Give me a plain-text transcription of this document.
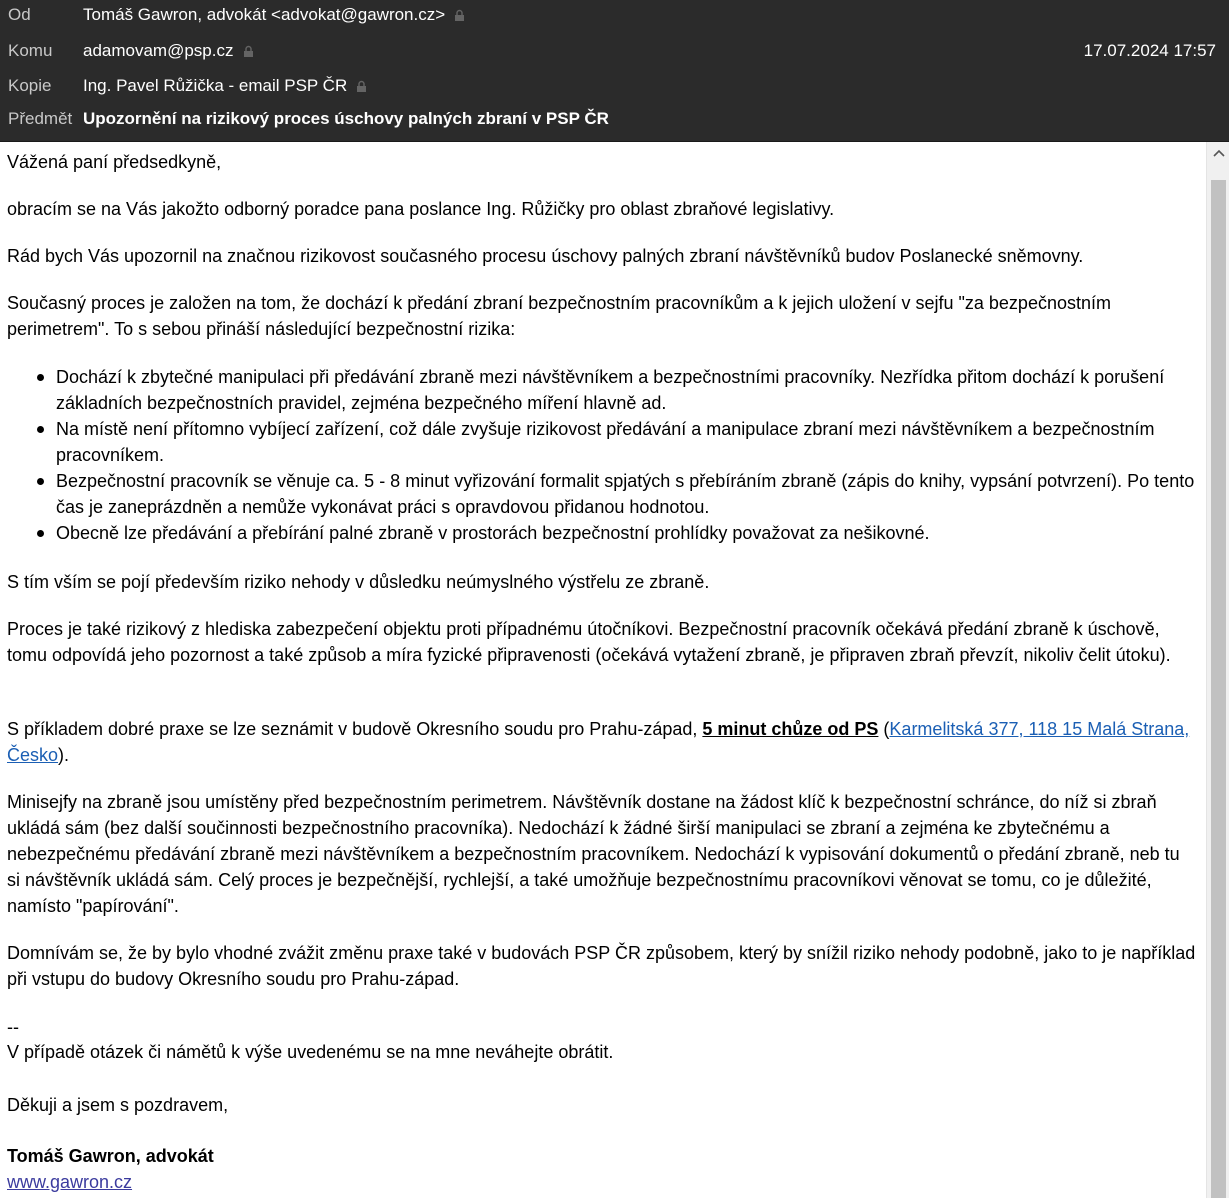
Od	Tomáš Gawron, advokát <advokat@gawron.cz>
Komu adamovam@psp.cz	17.07.2024 17:57
Kopie Ing. Pavel Růžička - email PSP ČR
Předmět Upozornění na rizikový proces úschovy palných zbraní v PSP ČR

Vážená paní předsedkyně,

obracím se na Vás jakožto odborný poradce pana poslance Ing. Růžičky pro oblast zbraňové legislativy.

Rád bych Vás upozornil na značnou rizikovost současného procesu úschovy palných zbraní návštěvníků budov Poslanecké sněmovny.

Současný proces je založen na tom, že dochází k předání zbraní bezpečnostním pracovníkům a k jejich uložení v sejfu "za bezpečnostním perimetrem". To s sebou přináší následující bezpečnostní rizika:

Dochází k zbytečné manipulaci při předávání zbraně mezi návštěvníkem a bezpečnostními pracovníky. Nezřídka přitom dochází k porušení základních bezpečnostních pravidel, zejména bezpečného míření hlavně ad.
Na místě není přítomno vybíjecí zařízení, což dále zvyšuje rizikovost předávání a manipulace zbraní mezi návštěvníkem a bezpečnostním pracovníkem.
Bezpečnostní pracovník se věnuje ca. 5 - 8 minut vyřizování formalit spjatých s přebíráním zbraně (zápis do knihy, vypsání potvrzení). Po tento čas je zaneprázdněn a nemůže vykonávat práci s opravdovou přidanou hodnotou.
Obecně lze předávání a přebírání palné zbraně v prostorách bezpečnostní prohlídky považovat za nešikovné.

S tím vším se pojí především riziko nehody v důsledku neúmyslného výstřelu ze zbraně.

Proces je také rizikový z hlediska zabezpečení objektu proti případnému útočníkovi. Bezpečnostní pracovník očekává předání zbraně k úschově, tomu odpovídá jeho pozornost a také způsob a míra fyzické připravenosti (očekává vytažení zbraně, je připraven zbraň převzít, nikoliv čelit útoku).

S příkladem dobré praxe se lze seznámit v budově Okresního soudu pro Prahu-západ, 5 minut chůze od PS (Karmelitská 377, 118 15 Malá Strana, Česko).

Minisejfy na zbraně jsou umístěny před bezpečnostním perimetrem. Návštěvník dostane na žádost klíč k bezpečnostní schránce, do níž si zbraň ukládá sám (bez další součinnosti bezpečnostního pracovníka). Nedochází k žádné širší manipulaci se zbraní a zejména ke zbytečnému a nebezpečnému předávání zbraně mezi návštěvníkem a bezpečnostním pracovníkem. Nedochází k vypisování dokumentů o předání zbraně, neb tu si návštěvník ukládá sám. Celý proces je bezpečnější, rychlejší, a také umožňuje bezpečnostnímu pracovníkovi věnovat se tomu, co je důležité, namísto "papírování".

Domnívám se, že by bylo vhodné zvážit změnu praxe také v budovách PSP ČR způsobem, který by snížil riziko nehody podobně, jako to je například při vstupu do budovy Okresního soudu pro Prahu-západ.

--

V případě otázek či námětů k výše uvedenému se na mne neváhejte obrátit.

Děkuji a jsem s pozdravem,

Tomáš Gawron, advokát

www.gawron.cz
